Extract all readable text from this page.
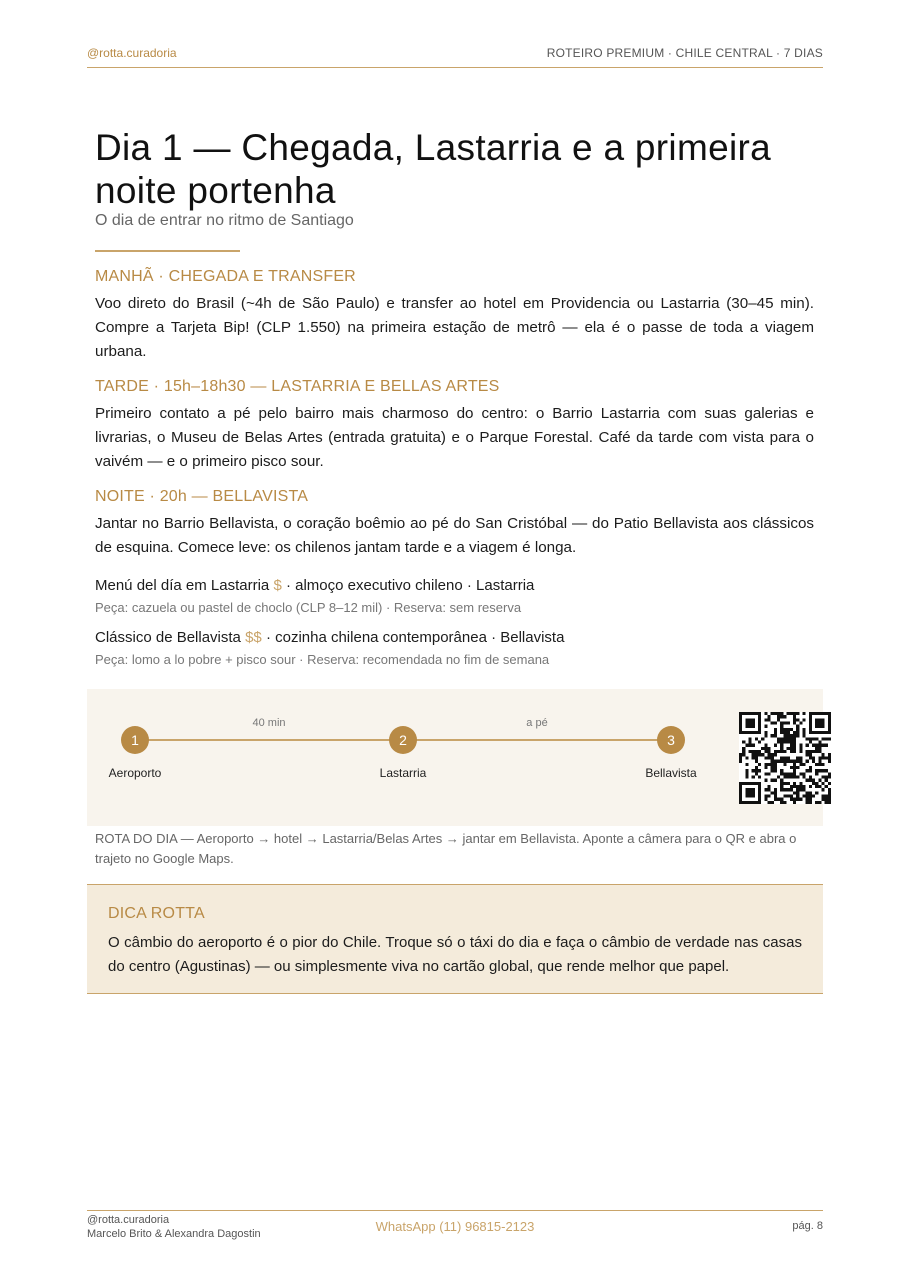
@rotta.curadoria	ROTEIRO PREMIUM · CHILE CENTRAL · 7 DIAS
Dia 1 — Chegada, Lastarria e a primeira noite portenha
O dia de entrar no ritmo de Santiago
MANHÃ · CHEGADA E TRANSFER

Voo direto do Brasil (~4h de São Paulo) e transfer ao hotel em Providencia ou Lastarria (30–45 min). Compre a Tarjeta Bip! (CLP 1.550) na primeira estação de metrô — ela é o passe de toda a viagem urbana.

TARDE · 15h–18h30 — LASTARRIA E BELLAS ARTES

Primeiro contato a pé pelo bairro mais charmoso do centro: o Barrio Lastarria com suas galerias e livrarias, o Museu de Belas Artes (entrada gratuita) e o Parque Forestal. Café da tarde com vista para o vaivém — e o primeiro pisco sour.

NOITE · 20h — BELLAVISTA

Jantar no Barrio Bellavista, o coração boêmio ao pé do San Cristóbal — do Patio Bellavista aos clássicos de esquina. Comece leve: os chilenos jantam tarde e a viagem é longa.

Menú del día em Lastarria $ · almoço executivo chileno · Lastarria
Peça: cazuela ou pastel de choclo (CLP 8–12 mil) · Reserva: sem reserva
Clássico de Bellavista $$ · cozinha chilena contemporânea · Bellavista
Peça: lomo a lo pobre + pisco sour · Reserva: recomendada no fim de semana
40 min	a pé
1	2	3
Aeroporto	Lastarria	Bellavista

ROTA DO DIA — Aeroporto → hotel → Lastarria/Belas Artes → jantar em Bellavista. Aponte a câmera para o QR e abra o trajeto no Google Maps.

DICA ROTTA

O câmbio do aeroporto é o pior do Chile. Troque só o táxi do dia e faça o câmbio de verdade nas casas do centro (Agustinas) — ou simplesmente viva no cartão global, que rende melhor que papel.

@rotta.curadoria
Marcelo Brito & Alexandra Dagostin	WhatsApp (11) 96815-2123	pág. 8
